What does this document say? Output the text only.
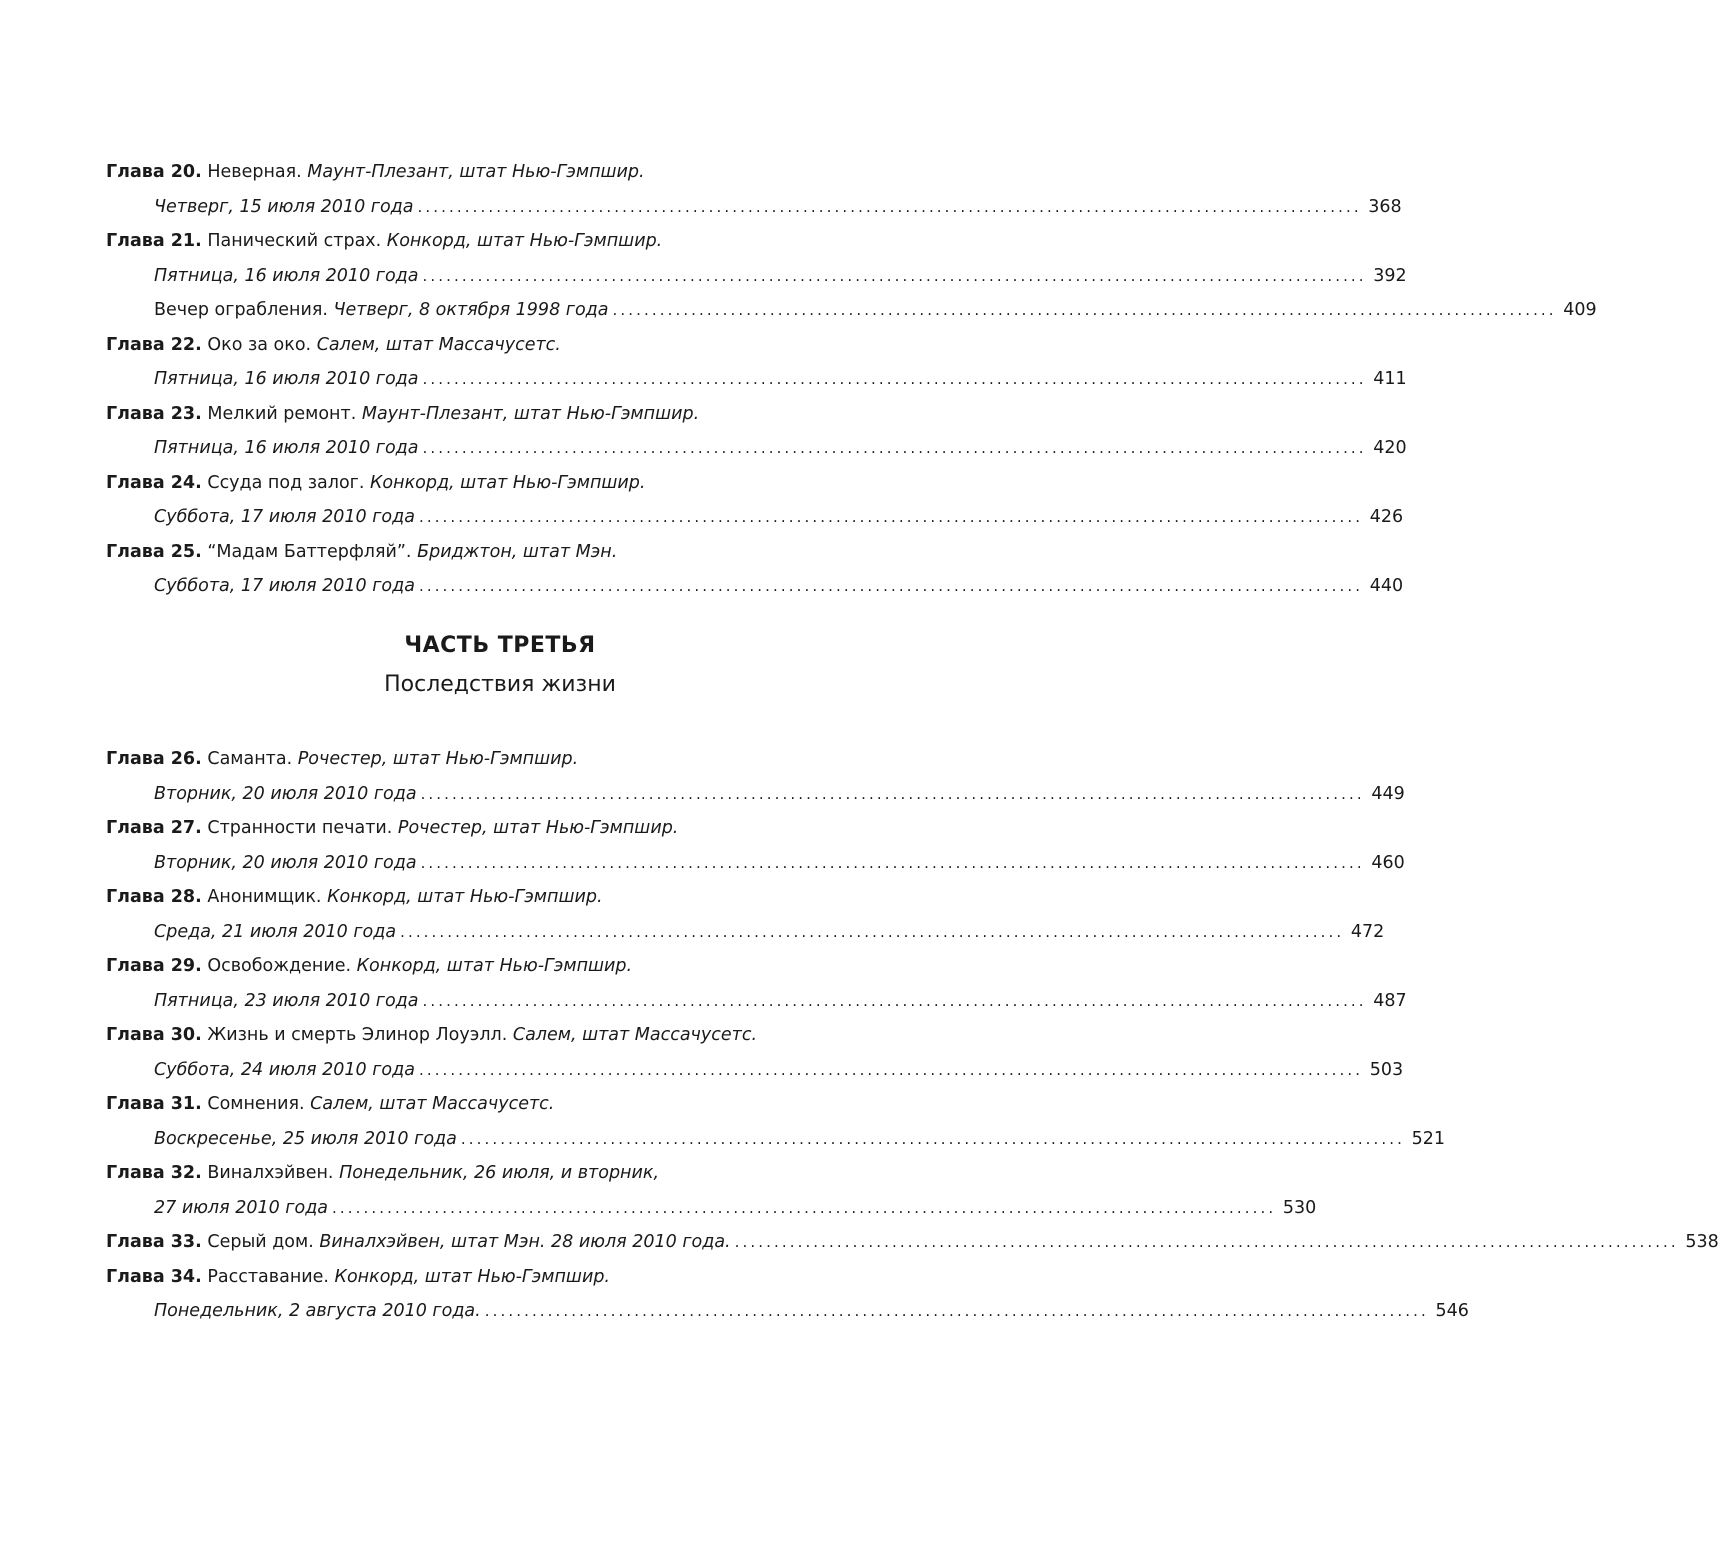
Глава 20. Неверная. Маунт-Плезант, штат Нью-Гэмпшир.
Четверг, 15 июля 2010 года ........................................................................................................................ 368
Глава 21. Панический страх. Конкорд, штат Нью-Гэмпшир.
Пятница, 16 июля 2010 года ........................................................................................................................ 392
Вечер ограбления. Четверг, 8 октября 1998 года ........................................................................................................................ 409
Глава 22. Око за око. Салем, штат Массачусетс.
Пятница, 16 июля 2010 года ........................................................................................................................ 411
Глава 23. Мелкий ремонт. Маунт-Плезант, штат Нью-Гэмпшир.
Пятница, 16 июля 2010 года ........................................................................................................................ 420
Глава 24. Ссуда под залог. Конкорд, штат Нью-Гэмпшир.
Суббота, 17 июля 2010 года ........................................................................................................................ 426
Глава 25. “Мадам Баттерфляй”. Бриджтон, штат Мэн.
Суббота, 17 июля 2010 года ........................................................................................................................ 440
ЧАСТЬ ТРЕТЬЯ
Последствия жизни
Глава 26. Саманта. Рочестер, штат Нью-Гэмпшир.
Вторник, 20 июля 2010 года ........................................................................................................................ 449
Глава 27. Странности печати. Рочестер, штат Нью-Гэмпшир.
Вторник, 20 июля 2010 года ........................................................................................................................ 460
Глава 28. Анонимщик. Конкорд, штат Нью-Гэмпшир.
Среда, 21 июля 2010 года ........................................................................................................................ 472
Глава 29. Освобождение. Конкорд, штат Нью-Гэмпшир.
Пятница, 23 июля 2010 года ........................................................................................................................ 487
Глава 30. Жизнь и смерть Элинор Лоуэлл. Салем, штат Массачусетс.
Суббота, 24 июля 2010 года ........................................................................................................................ 503
Глава 31. Сомнения. Салем, штат Массачусетс.
Воскресенье, 25 июля 2010 года ........................................................................................................................ 521
Глава 32. Виналхэйвен. Понедельник, 26 июля, и вторник,
27 июля 2010 года ........................................................................................................................ 530
Глава 33. Серый дом. Виналхэйвен, штат Мэн. 28 июля 2010 года. ........................................................................................................................ 538
Глава 34. Расставание. Конкорд, штат Нью-Гэмпшир.
Понедельник, 2 августа 2010 года. ........................................................................................................................ 546
